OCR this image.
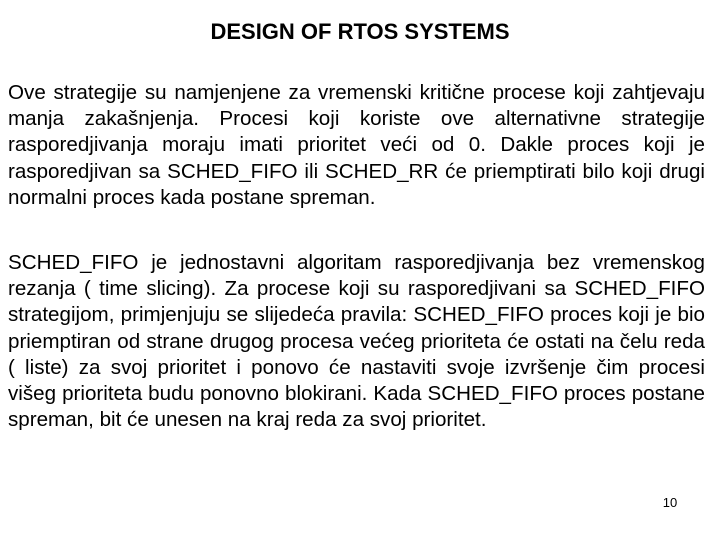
DESIGN OF RTOS SYSTEMS

Ove strategije su namjenjene za vremenski kritične procese koji zahtjevaju manja zakašnjenja. Procesi koji koriste ove alternativne strategije rasporedjivanja moraju imati prioritet veći od 0. Dakle proces koji je rasporedjivan sa SCHED_FIFO ili SCHED_RR će priemptirati bilo koji drugi normalni proces kada postane spreman.

SCHED_FIFO je jednostavni algoritam rasporedjivanja bez vremenskog rezanja ( time slicing). Za procese koji su rasporedjivani sa SCHED_FIFO strategijom, primjenjuju se slijedeća pravila: SCHED_FIFO proces koji je bio priemptiran od strane drugog procesa većeg prioriteta će ostati na čelu reda ( liste) za svoj prioritet i ponovo će nastaviti svoje izvršenje čim procesi višeg prioriteta budu ponovno blokirani. Kada SCHED_FIFO proces postane spreman, bit će unesen na kraj reda za svoj prioritet.

10
